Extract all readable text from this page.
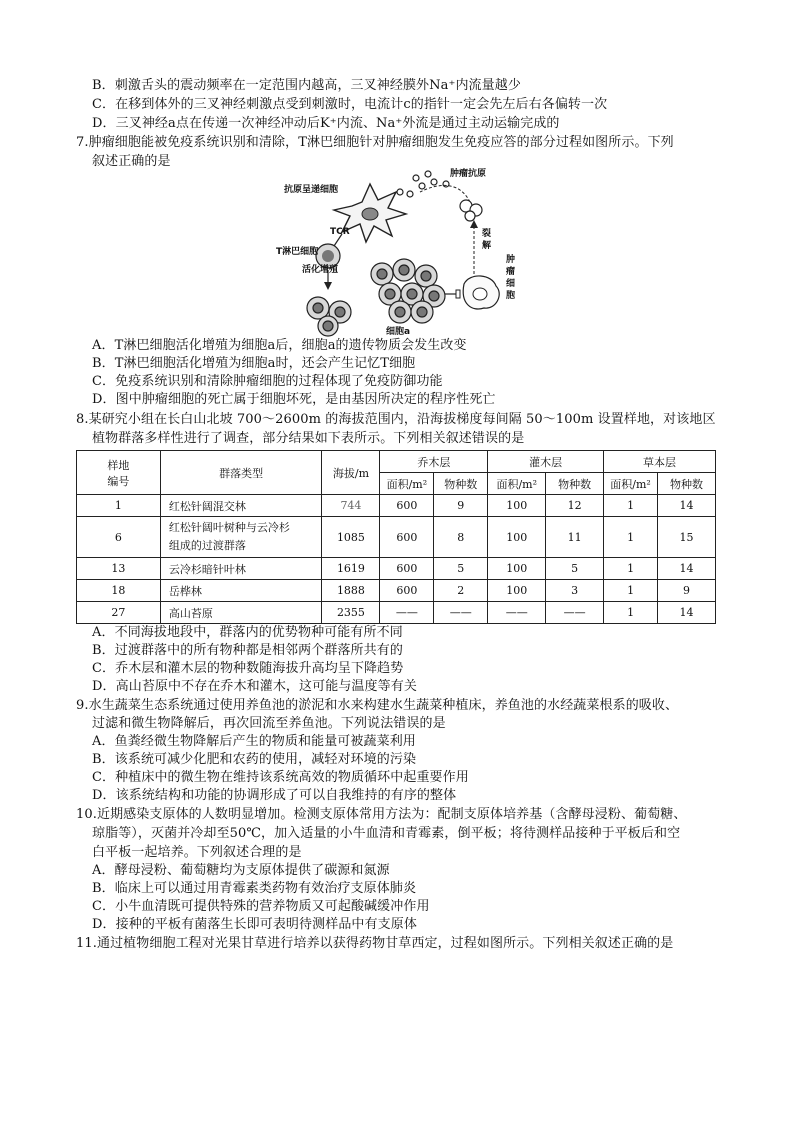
B．刺激舌头的震动频率在一定范围内越高，三叉神经膜外Na⁺内流量越少
C．在移到体外的三叉神经刺激点受到刺激时，电流计c的指针一定会先左后右各偏转一次
D．三叉神经a点在传递一次神经冲动后K⁺内流、Na⁺外流是通过主动运输完成的
7.肿瘤细胞能被免疫系统识别和清除，T淋巴细胞针对肿瘤细胞发生免疫应答的部分过程如图所示。下列
叙述正确的是
抗原呈递细胞
肿瘤抗原
TCR
T淋巴细胞
活化增殖
裂
解
肿
瘤
细
胞
细胞a
A．T淋巴细胞活化增殖为细胞a后，细胞a的遗传物质会发生改变
B．T淋巴细胞活化增殖为细胞a时，还会产生记忆T细胞
C．免疫系统识别和清除肿瘤细胞的过程体现了免疫防御功能
D．图中肿瘤细胞的死亡属于细胞坏死，是由基因所决定的程序性死亡
8.某研究小组在长白山北坡 700～2600m 的海拔范围内，沿海拔梯度每间隔 50～100m 设置样地，对该地区
植物群落多样性进行了调查，部分结果如下表所示。下列相关叙述错误的是
样地
编号	群落类型	海拔/m	乔木层		灌木层		草本层	
			面积/m²	物种数	面积/m²	物种数	面积/m²	物种数
1	红松针阔混交林	744	600	9	100	12	1	14
6	红松针阔叶树种与云冷杉
组成的过渡群落	1085	600	8	100	11	1	15
13	云冷杉暗针叶林	1619	600	5	100	5	1	14
18	岳桦林	1888	600	2	100	3	1	9
27	高山苔原	2355	——	——	——	——	1	14
A．不同海拔地段中，群落内的优势物种可能有所不同
B．过渡群落中的所有物种都是相邻两个群落所共有的
C．乔木层和灌木层的物种数随海拔升高均呈下降趋势
D．高山苔原中不存在乔木和灌木，这可能与温度等有关
9.水生蔬菜生态系统通过使用养鱼池的淤泥和水来构建水生蔬菜种植床，养鱼池的水经蔬菜根系的吸收、
过滤和微生物降解后，再次回流至养鱼池。下列说法错误的是
A．鱼粪经微生物降解后产生的物质和能量可被蔬菜利用
B．该系统可减少化肥和农药的使用，减轻对环境的污染
C．种植床中的微生物在维持该系统高效的物质循环中起重要作用
D．该系统结构和功能的协调形成了可以自我维持的有序的整体
10.近期感染支原体的人数明显增加。检测支原体常用方法为：配制支原体培养基（含酵母浸粉、葡萄糖、
琼脂等），灭菌并冷却至50℃，加入适量的小牛血清和青霉素，倒平板；将待测样品接种于平板后和空
白平板一起培养。下列叙述合理的是
A．酵母浸粉、葡萄糖均为支原体提供了碳源和氮源
B．临床上可以通过用青霉素类药物有效治疗支原体肺炎
C．小牛血清既可提供特殊的营养物质又可起酸碱缓冲作用
D．接种的平板有菌落生长即可表明待测样品中有支原体
11.通过植物细胞工程对光果甘草进行培养以获得药物甘草西定，过程如图所示。下列相关叙述正确的是
